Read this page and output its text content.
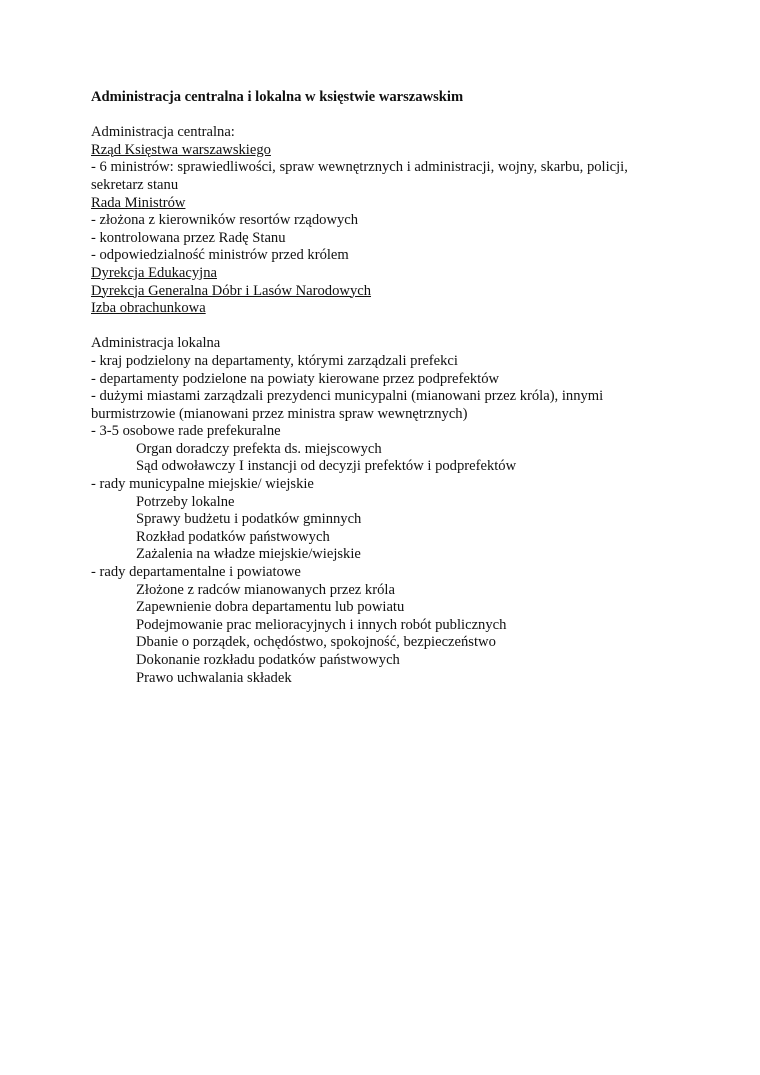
Administracja centralna i lokalna w księstwie warszawskim

Administracja centralna:

Rząd Księstwa warszawskiego

- 6 ministrów: sprawiedliwości, spraw wewnętrznych i administracji, wojny, skarbu, policji, sekretarz stanu

Rada Ministrów

- złożona z kierowników resortów rządowych

- kontrolowana przez Radę Stanu

- odpowiedzialność ministrów przed królem

Dyrekcja Edukacyjna

Dyrekcja Generalna Dóbr i Lasów Narodowych

Izba obrachunkowa

Administracja lokalna

- kraj podzielony na departamenty, którymi zarządzali prefekci

- departamenty podzielone na powiaty kierowane przez podprefektów

- dużymi miastami zarządzali prezydenci municypalni (mianowani przez króla), innymi burmistrzowie (mianowani przez ministra spraw wewnętrznych)

- 3-5 osobowe rade prefekuralne

Organ doradczy prefekta ds. miejscowych

Sąd odwoławczy I instancji od decyzji prefektów i podprefektów

- rady municypalne miejskie/ wiejskie

Potrzeby lokalne

Sprawy budżetu i podatków gminnych

Rozkład podatków państwowych

Zażalenia na władze miejskie/wiejskie

- rady departamentalne i powiatowe

Złożone z radców mianowanych przez króla

Zapewnienie dobra departamentu lub powiatu

Podejmowanie prac melioracyjnych i innych robót publicznych

Dbanie o porządek, ochędóstwo, spokojność, bezpieczeństwo

Dokonanie rozkładu podatków państwowych

Prawo uchwalania składek
